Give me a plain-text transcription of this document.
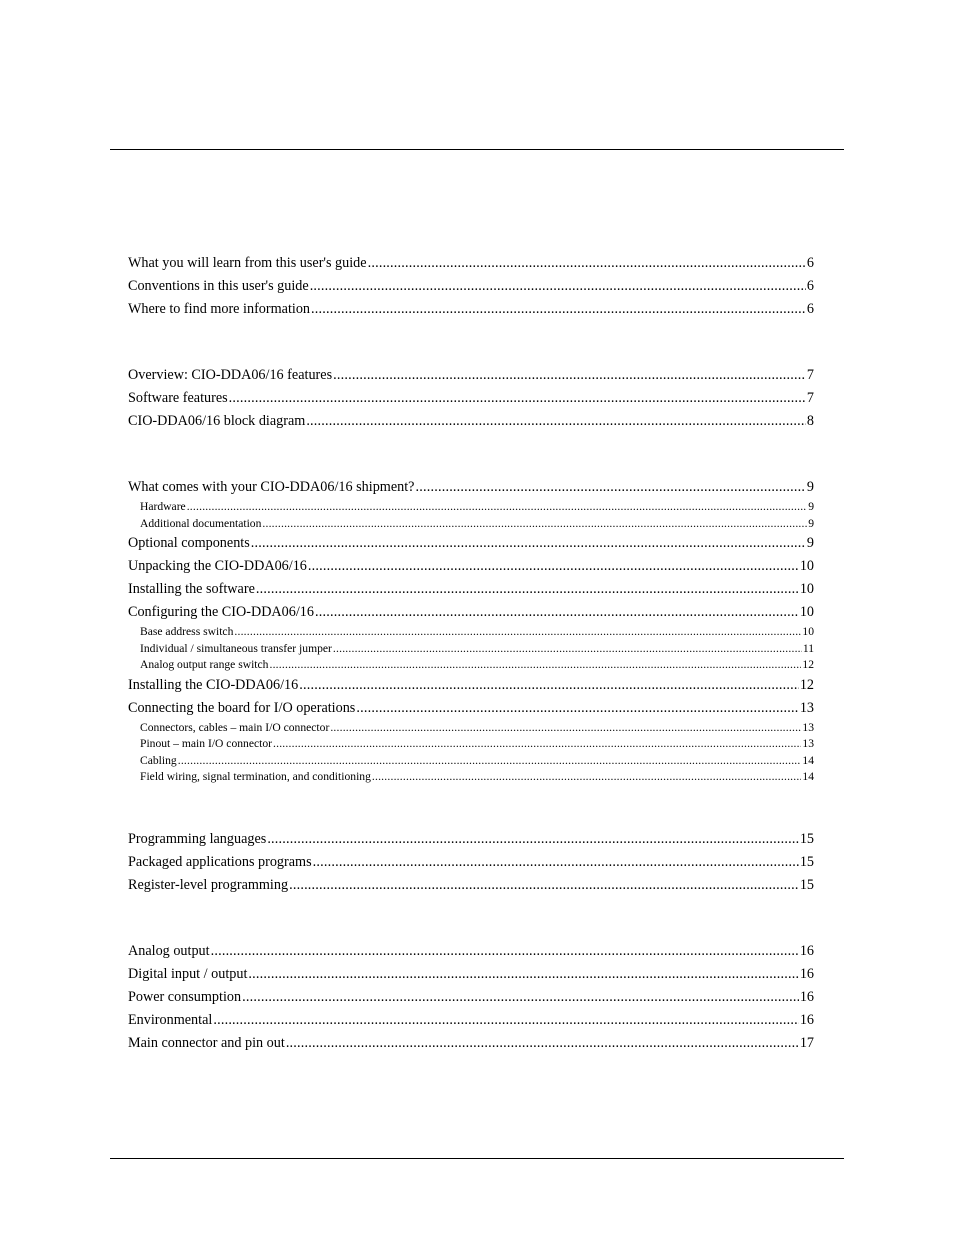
What you will learn from this user's guide .....	6
Conventions in this user's guide .....	6
Where to find more information .....	6
Overview: CIO-DDA06/16 features .....	7
Software features .....	7
CIO-DDA06/16 block diagram .....	8
What comes with your CIO-DDA06/16 shipment? .....	9
Hardware .....	9
Additional documentation .....	9
Optional components .....	9
Unpacking the CIO-DDA06/16 .....	10
Installing the software .....	10
Configuring the CIO-DDA06/16 .....	10
Base address switch .....	10
Individual / simultaneous transfer jumper .....	11
Analog output range switch .....	12
Installing the CIO-DDA06/16 .....	12
Connecting the board for I/O operations .....	13
Connectors, cables – main I/O connector .....	13
Pinout – main I/O connector .....	13
Cabling .....	14
Field wiring, signal termination, and conditioning .....	14
Programming languages .....	15
Packaged applications programs .....	15
Register-level programming .....	15
Analog output .....	16
Digital input / output .....	16
Power consumption .....	16
Environmental .....	16
Main connector and pin out .....	17
